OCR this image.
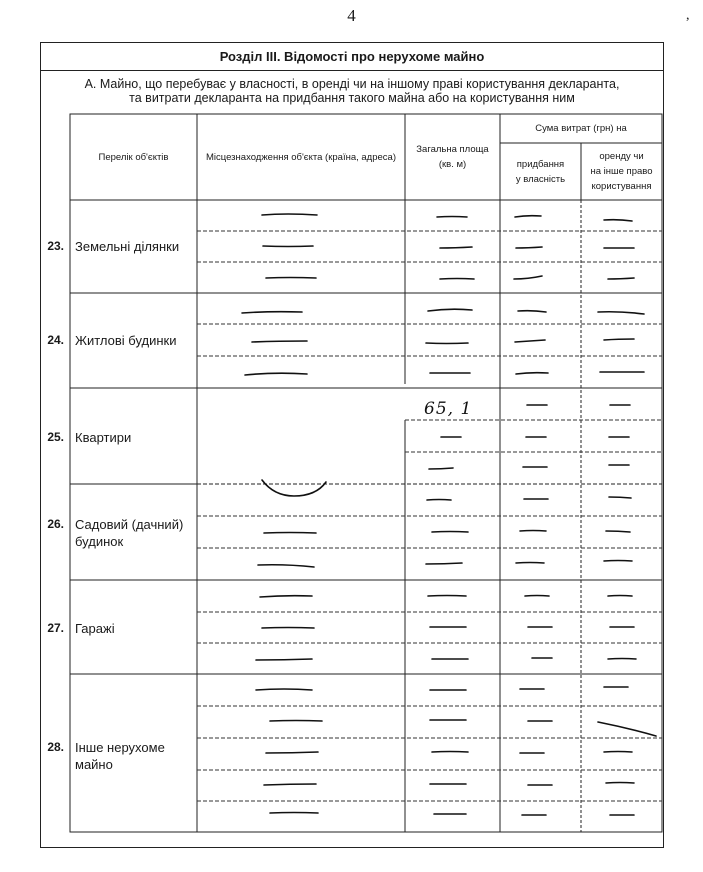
4	,
Розділ ІІІ. Відомості про нерухоме майно
А. Майно, що перебуває у власності, в оренді чи на іншому праві користування декларанта,
та витрати декларанта на придбання такого майна або на користування ним
Перелік об'єктів	Місцезнаходження об'єкта (країна, адреса)
Загальна площа
(кв. м)
Сума витрат (грн) на
придбання
у власність
оренду чи
на інше право
користування
23.
24.
25.
26.
27.
28.
Земельні ділянки
Житлові будинки
Квартири
Садовий (дачний)
будинок
Гаражі
Інше нерухоме
майно
65, 1
